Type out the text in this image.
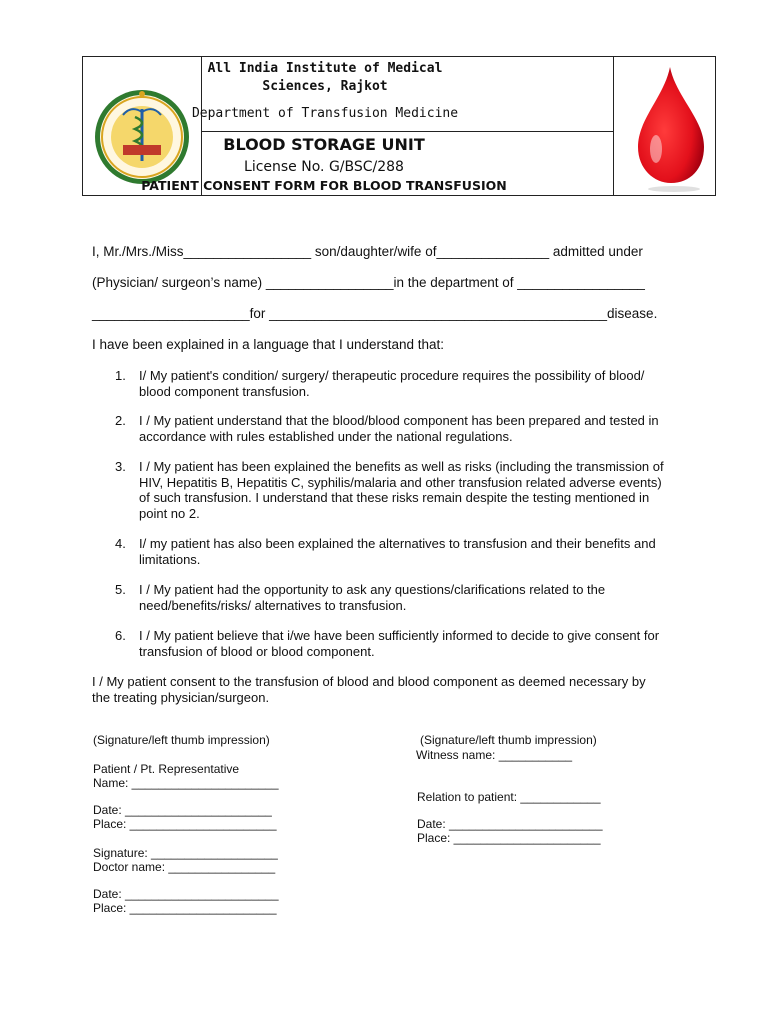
All India Institute of Medical
Sciences, Rajkot
Department of Transfusion Medicine
BLOOD STORAGE UNIT
License No. G/BSC/288
PATIENT CONSENT FORM FOR BLOOD TRANSFUSION
I, Mr./Mrs./Miss_________________ son/daughter/wife of_______________ admitted under
(Physician/ surgeon’s name) _________________in the department of _________________
_____________________for _____________________________________________disease.
I have been explained in a language that I understand that:
1. I/ My patient's condition/ surgery/ therapeutic procedure requires the possibility of blood/ blood component transfusion.
2. I / My patient understand that the blood/blood component has been prepared and tested in accordance with rules established under the national regulations.
3. I / My patient has been explained the benefits as well as risks (including the transmission of HIV, Hepatitis B, Hepatitis C, syphilis/malaria and other transfusion related adverse events) of such transfusion. I understand that these risks remain despite the testing mentioned in point no 2.
4. I/ my patient has also been explained the alternatives to transfusion and their benefits and limitations.
5. I / My patient had the opportunity to ask any questions/clarifications related to the need/benefits/risks/ alternatives to transfusion.
6. I / My patient believe that i/we have been sufficiently informed to decide to give consent for transfusion of blood or blood component.
I / My patient consent to the transfusion of blood and blood component as deemed necessary by the treating physician/surgeon.
(Signature/left thumb impression)
Patient / Pt. Representative
Name: ______________________
Date: ______________________
Place: ______________________
Signature: ___________________
Doctor name: ________________
Date: _______________________
Place: ______________________
(Signature/left thumb impression)
Witness name: ___________
Relation to patient: ____________
Date: _______________________
Place: ______________________
